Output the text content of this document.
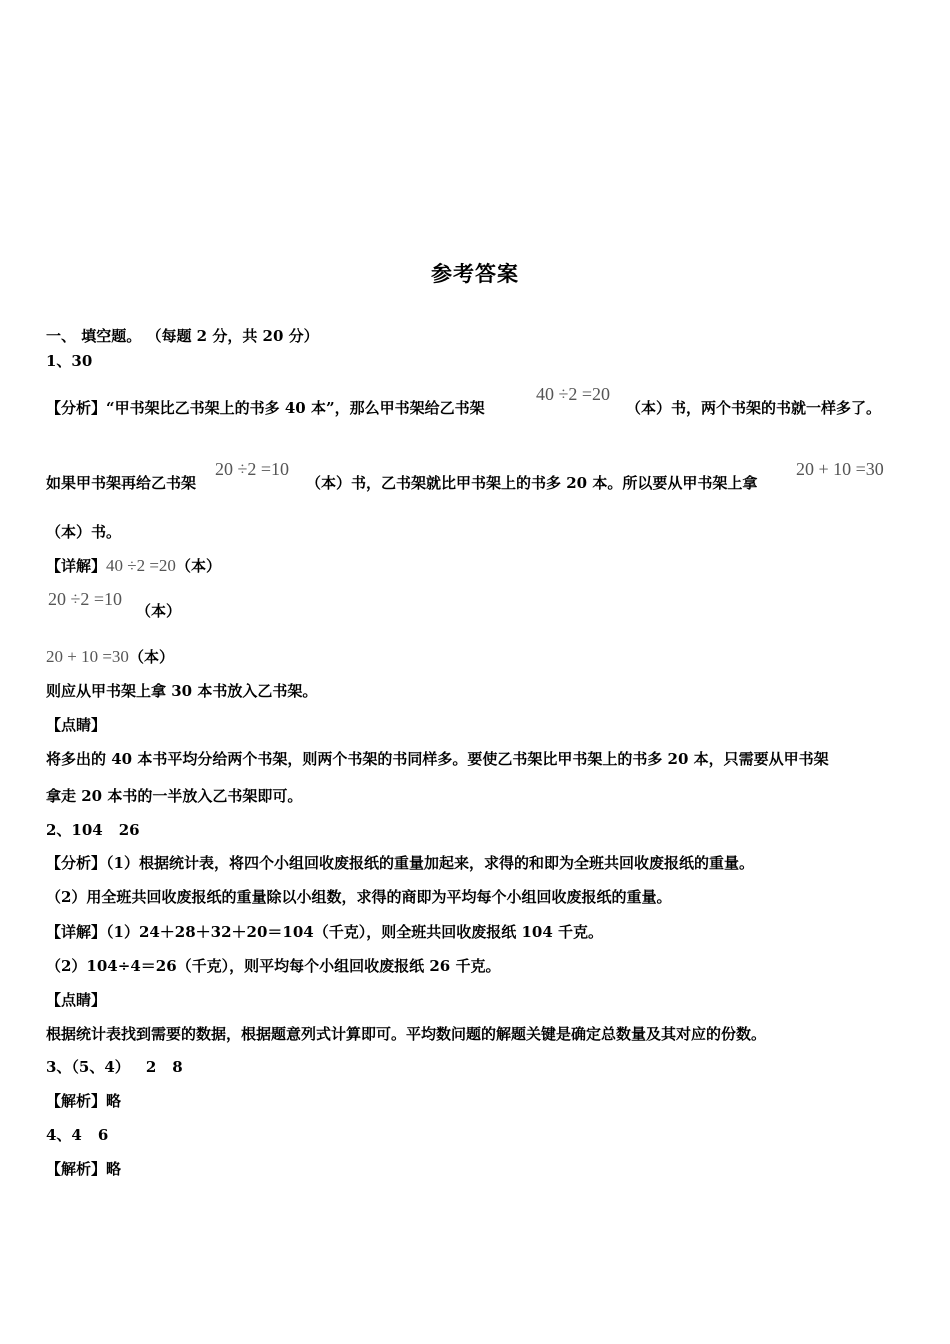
参考答案
一、 填空题。 （每题 2 分，共 20 分）
1、30
【分析】“甲书架比乙书架上的书多 40 本”，那么甲书架给乙书架
40 ÷2 =20
（本）书，两个书架的书就一样多了。
如果甲书架再给乙书架
20 ÷2 =10
（本）书，乙书架就比甲书架上的书多 20 本。所以要从甲书架上拿
20 + 10 =30
（本）书。
【详解】40 ÷2 =20（本）
20 ÷2 =10
（本）
20 + 10 =30（本）
则应从甲书架上拿 30 本书放入乙书架。
【点睛】
将多出的 40 本书平均分给两个书架，则两个书架的书同样多。要使乙书架比甲书架上的书多 20 本，只需要从甲书架
拿走 20 本书的一半放入乙书架即可。
2、104 26
【分析】（1）根据统计表，将四个小组回收废报纸的重量加起来，求得的和即为全班共回收废报纸的重量。
（2）用全班共回收废报纸的重量除以小组数，求得的商即为平均每个小组回收废报纸的重量。
【详解】（1）24＋28＋32＋20＝104（千克），则全班共回收废报纸 104 千克。
（2）104÷4＝26（千克），则平均每个小组回收废报纸 26 千克。
【点睛】
根据统计表找到需要的数据，根据题意列式计算即可。平均数问题的解题关键是确定总数量及其对应的份数。
3、（5、4） 2 8
【解析】略
4、4 6
【解析】略
